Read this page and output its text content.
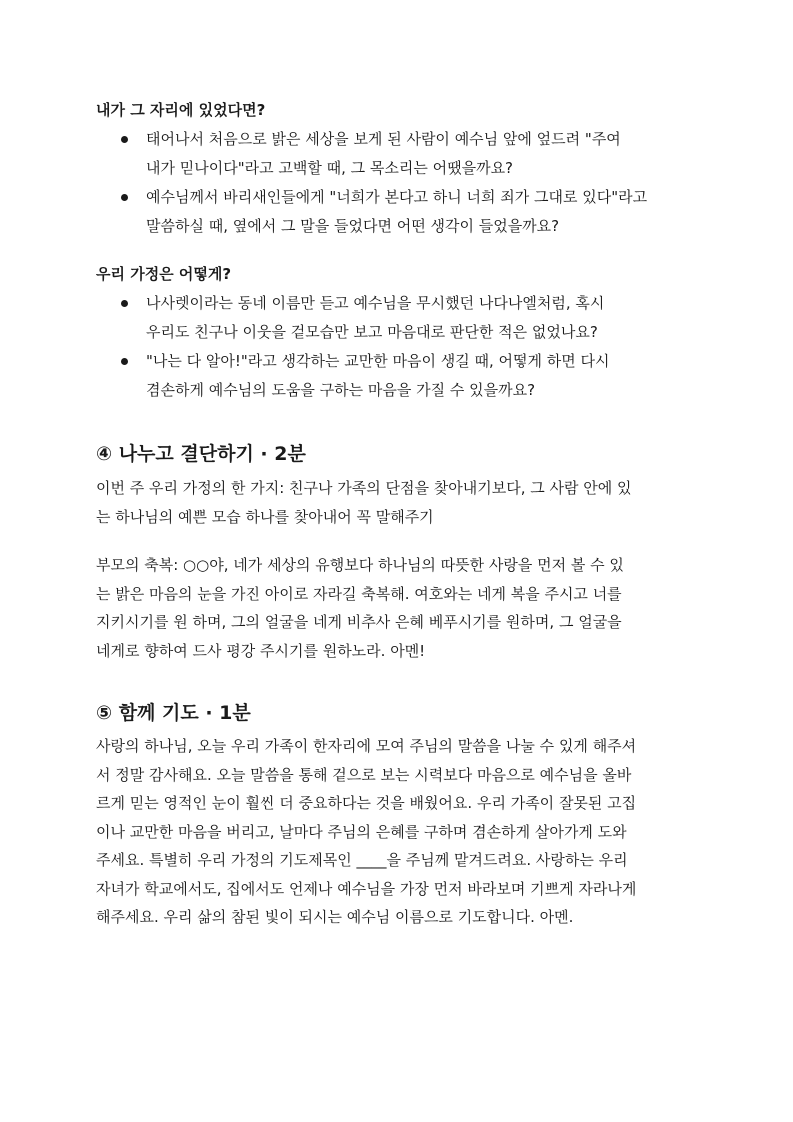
내가 그 자리에 있었다면?
태어나서 처음으로 밝은 세상을 보게 된 사람이 예수님 앞에 엎드려 "주여
내가 믿나이다"라고 고백할 때, 그 목소리는 어땠을까요?
예수님께서 바리새인들에게 "너희가 본다고 하니 너희 죄가 그대로 있다"라고
말씀하실 때, 옆에서 그 말을 들었다면 어떤 생각이 들었을까요?
우리 가정은 어떻게?
나사렛이라는 동네 이름만 듣고 예수님을 무시했던 나다나엘처럼, 혹시
우리도 친구나 이웃을 겉모습만 보고 마음대로 판단한 적은 없었나요?
"나는 다 알아!"라고 생각하는 교만한 마음이 생길 때, 어떻게 하면 다시
겸손하게 예수님의 도움을 구하는 마음을 가질 수 있을까요?
④ 나누고 결단하기 · 2분

이번 주 우리 가정의 한 가지: 친구나 가족의 단점을 찾아내기보다, 그 사람 안에 있
는 하나님의 예쁜 모습 하나를 찾아내어 꼭 말해주기

부모의 축복: ○○야, 네가 세상의 유행보다 하나님의 따뜻한 사랑을 먼저 볼 수 있
는 밝은 마음의 눈을 가진 아이로 자라길 축복해. 여호와는 네게 복을 주시고 너를
지키시기를 원 하며, 그의 얼굴을 네게 비추사 은혜 베푸시기를 원하며, 그 얼굴을
네게로 향하여 드사 평강 주시기를 원하노라. 아멘!

⑤ 함께 기도 · 1분

사랑의 하나님, 오늘 우리 가족이 한자리에 모여 주님의 말씀을 나눌 수 있게 해주셔
서 정말 감사해요. 오늘 말씀을 통해 겉으로 보는 시력보다 마음으로 예수님을 올바
르게 믿는 영적인 눈이 훨씬 더 중요하다는 것을 배웠어요. 우리 가족이 잘못된 고집
이나 교만한 마음을 버리고, 날마다 주님의 은혜를 구하며 겸손하게 살아가게 도와
주세요. 특별히 우리 가정의 기도제목인 ____을 주님께 맡겨드려요. 사랑하는 우리
자녀가 학교에서도, 집에서도 언제나 예수님을 가장 먼저 바라보며 기쁘게 자라나게
해주세요. 우리 삶의 참된 빛이 되시는 예수님 이름으로 기도합니다. 아멘.
